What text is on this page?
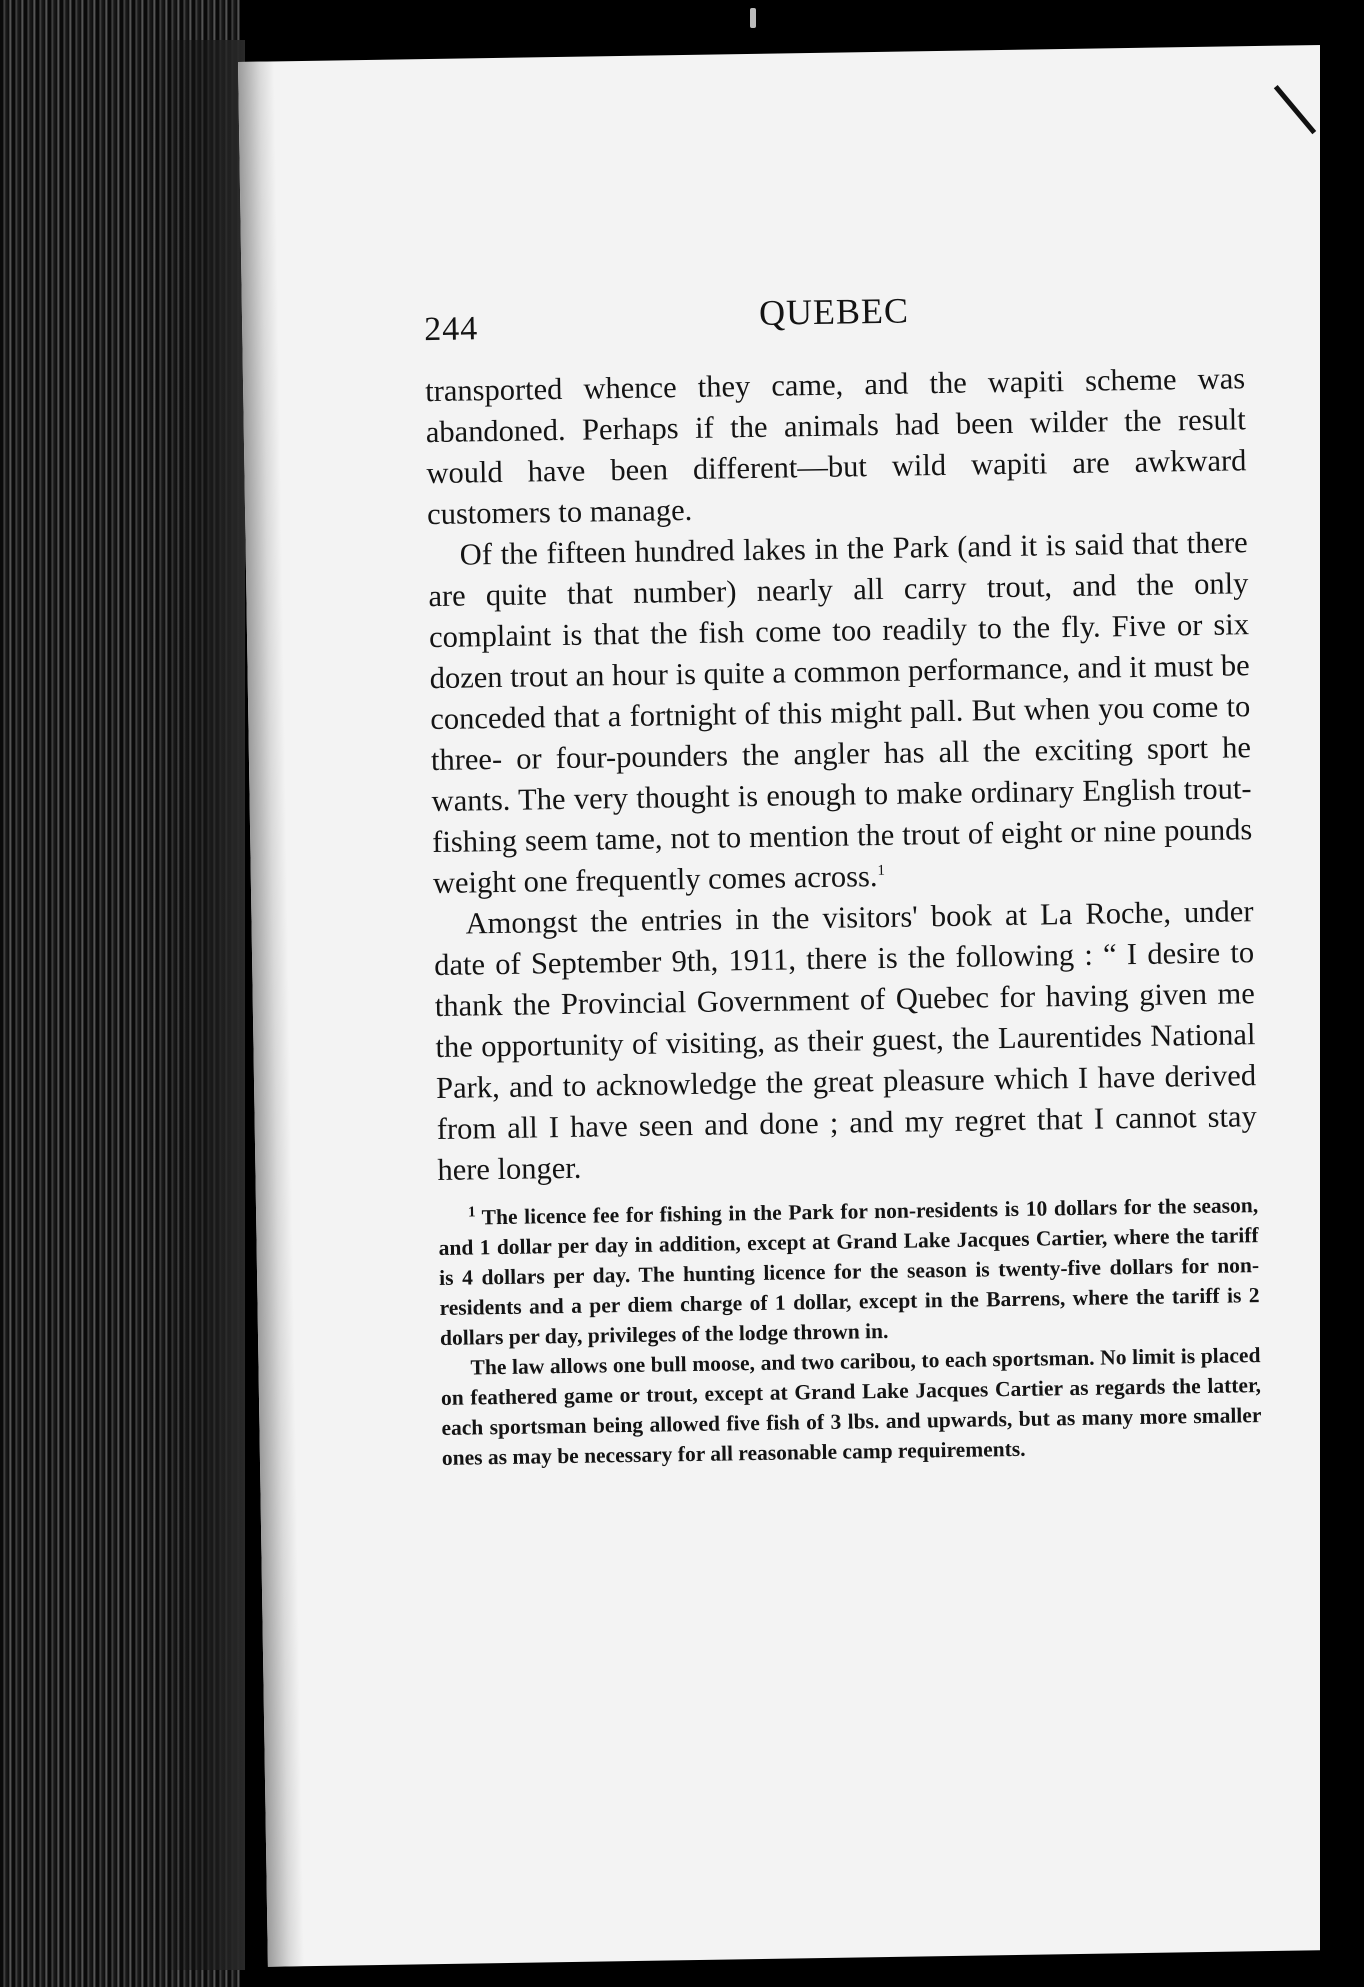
244	QUEBEC

transported whence they came, and the wapiti scheme was abandoned. Perhaps if the animals had been wilder the result would have been different—but wild wapiti are awkward customers to manage.

Of the fifteen hundred lakes in the Park (and it is said that there are quite that number) nearly all carry trout, and the only complaint is that the fish come too readily to the fly. Five or six dozen trout an hour is quite a common performance, and it must be conceded that a fortnight of this might pall. But when you come to three- or four-pounders the angler has all the exciting sport he wants. The very thought is enough to make ordinary English trout-fishing seem tame, not to mention the trout of eight or nine pounds weight one frequently comes across.$^1$

Amongst the entries in the visitors' book at La Roche, under date of September 9th, 1911, there is the following : “ I desire to thank the Provincial Government of Quebec for having given me the opportunity of visiting, as their guest, the Laurentides National Park, and to acknowledge the great pleasure which I have derived from all I have seen and done ; and my regret that I cannot stay here longer.

$^1$ The licence fee for fishing in the Park for non-residents is 10 dollars for the season, and 1 dollar per day in addition, except at Grand Lake Jacques Cartier, where the tariff is 4 dollars per day. The hunting licence for the season is twenty-five dollars for non-residents and a per diem charge of 1 dollar, except in the Barrens, where the tariff is 2 dollars per day, privileges of the lodge thrown in.

The law allows one bull moose, and two caribou, to each sportsman. No limit is placed on feathered game or trout, except at Grand Lake Jacques Cartier as regards the latter, each sportsman being allowed five fish of 3 lbs. and upwards, but as many more smaller ones as may be necessary for all reasonable camp requirements.
